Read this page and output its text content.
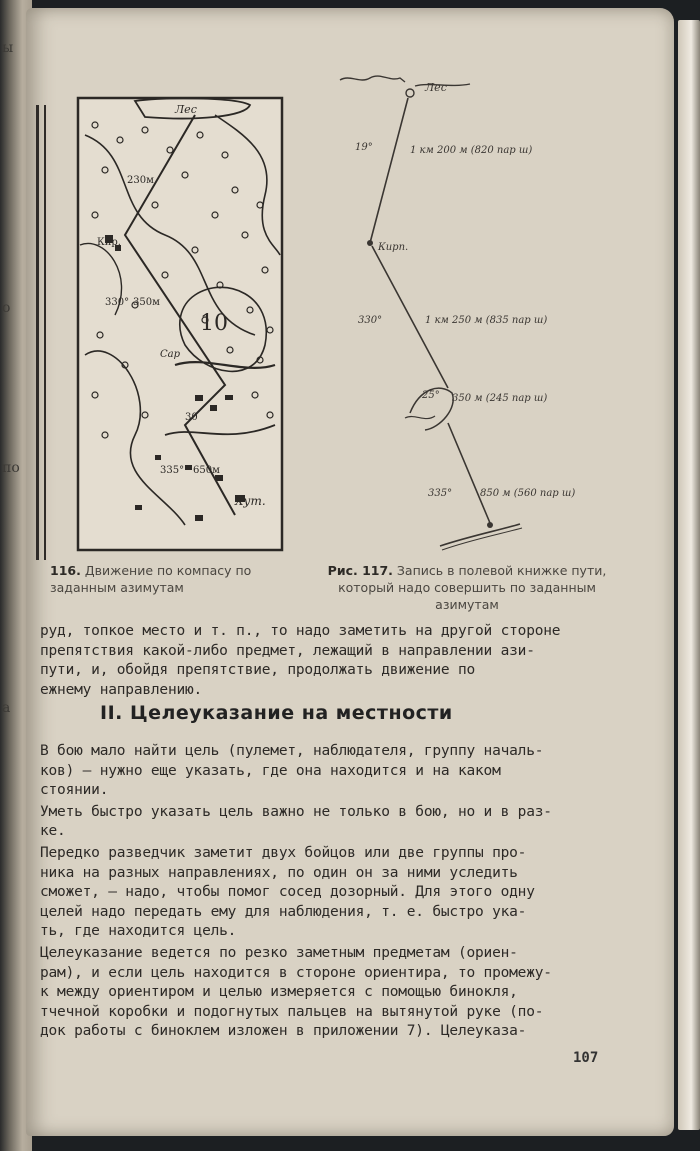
ы
о
по
а
Лес
230м
330° 350м
10
Сар
30
335° 650м
Хут.
Кир.
116. Движение по компасу по заданным азимутам
Лес
19°	1 км 200 м (820 пар ш)
Кирп.
330°	1 км 250 м (835 пар ш)
25° 350 м (245 пар ш)
335°	850 м (560 пар ш)
Рис. 117. Запись в полевой книжке пути, который надо совершить по заданным азимутам

руд, топкое место и т. п., то надо заметить на другой стороне
препятствия какой-либо предмет, лежащий в направлении ази-
пути, и, обойдя препятствие, продолжать движение по
ежнему направлению.

II. Целеуказание на местности

В бою мало найти цель (пулемет, наблюдателя, группу началь-
ков) — нужно еще указать, где она находится и на каком
стоянии.

Уметь быстро указать цель важно не только в бою, но и в раз-
ке.

Передко разведчик заметит двух бойцов или две группы про-
ника на разных направлениях, по один он за ними уследить
сможет, — надо, чтобы помог сосед дозорный. Для этого одну
целей надо передать ему для наблюдения, т. е. быстро ука-
ть, где находится цель.

Целеуказание ведется по резко заметным предметам (ориен-
рам), и если цель находится в стороне ориентира, то промежу-
к между ориентиром и целью измеряется с помощью бинокля,
тчечной коробки и подогнутых пальцев на вытянутой руке (по-
док работы с биноклем изложен в приложении 7). Целеуказа-

107
